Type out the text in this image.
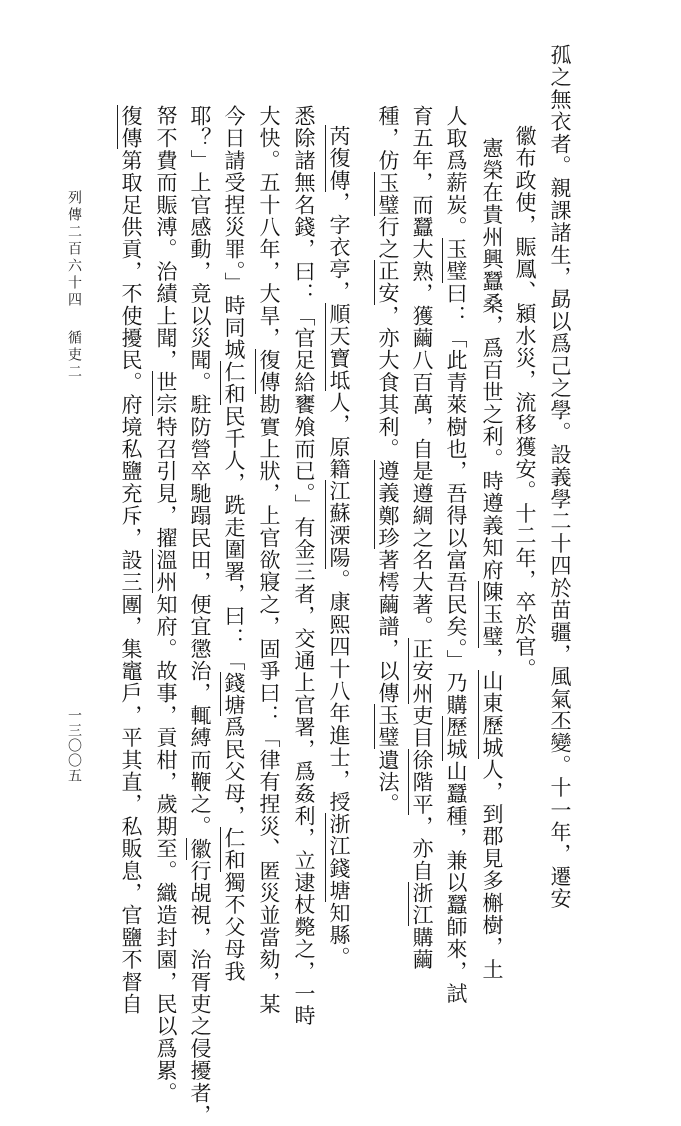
孤之無衣者。親課諸生，勗以爲己之學。設義學二十四於苗疆，風氣丕變。十一年，遷安
徽布政使，賑鳳、潁水災，流移獲安。十二年，卒於官。
憲榮在貴州興蠶桑，爲百世之利。時遵義知府陳玉璧，山東歷城人，到郡見多槲樹，土
人取爲薪炭。玉璧曰：「此青萊樹也，吾得以富吾民矣。」乃購歷城山蠶種，兼以蠶師來，試
育五年，而蠶大熟，獲繭八百萬，自是遵綢之名大著。正安州吏目徐階平，亦自浙江購繭
種，仿玉璧行之正安，亦大食其利。遵義鄭珍著樗繭譜，以傳玉璧遺法。
芮復傳，字衣亭，順天寶坻人，原籍江蘇溧陽。康熙四十八年進士，授浙江錢塘知縣。
悉除諸無名錢，曰：「官足給饔飧而已。」有金三者，交通上官署，爲姦利，立逮杖斃之，一時
大快。五十八年，大旱，復傳勘實上狀，上官欲寢之，固爭曰：「律有捏災、匿災並當劾，某
今日請受捏災罪。」時同城仁和民千人，跣走圍署，曰：「錢塘爲民父母，仁和獨不父母我
耶？」上官感動，竟以災聞。駐防營卒馳蹋民田，便宜懲治，輒縛而鞭之。徽行覘視，治胥吏之侵擾者，
帑不費而賑溥。治績上聞，世宗特召引見，擢溫州知府。故事，貢柑，歲期至。織造封園，民以爲累。
復傳第取足供貢，不使擾民。府境私鹽充斥，設三團，集竈戶，平其直，私販息，官鹽不督自
列傳二百六十四
循吏二
一三〇〇五
